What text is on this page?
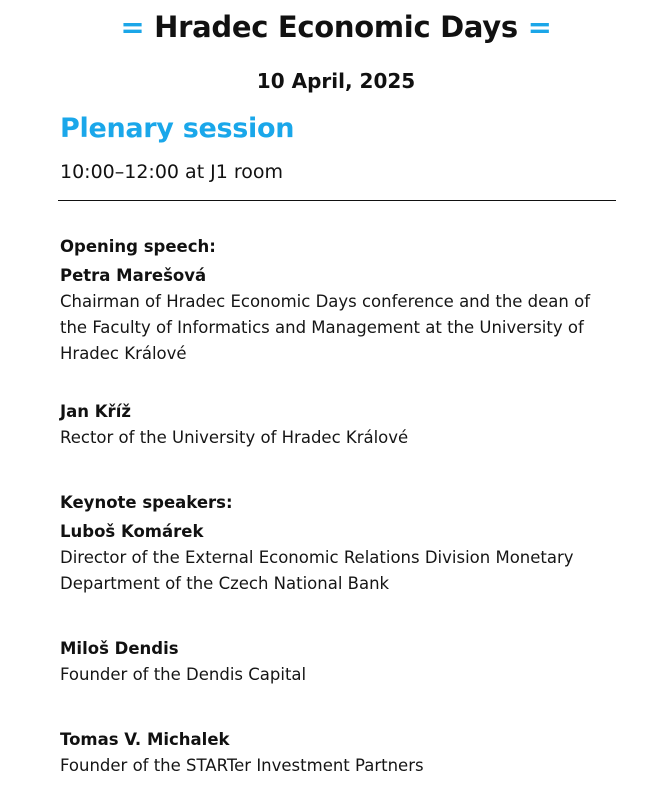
= Hradec Economic Days =
10 April, 2025
Plenary session
10:00–12:00 at J1 room
Opening speech:
Petra Marešová
Chairman of Hradec Economic Days conference and the dean of the Faculty of Informatics and Management at the University of Hradec Králové
Jan Kříž
Rector of the University of Hradec Králové
Keynote speakers:
Luboš Komárek
Director of the External Economic Relations Division Monetary Department of the Czech National Bank
Miloš Dendis
Founder of the Dendis Capital
Tomas V. Michalek
Founder of the STARTer Investment Partners
